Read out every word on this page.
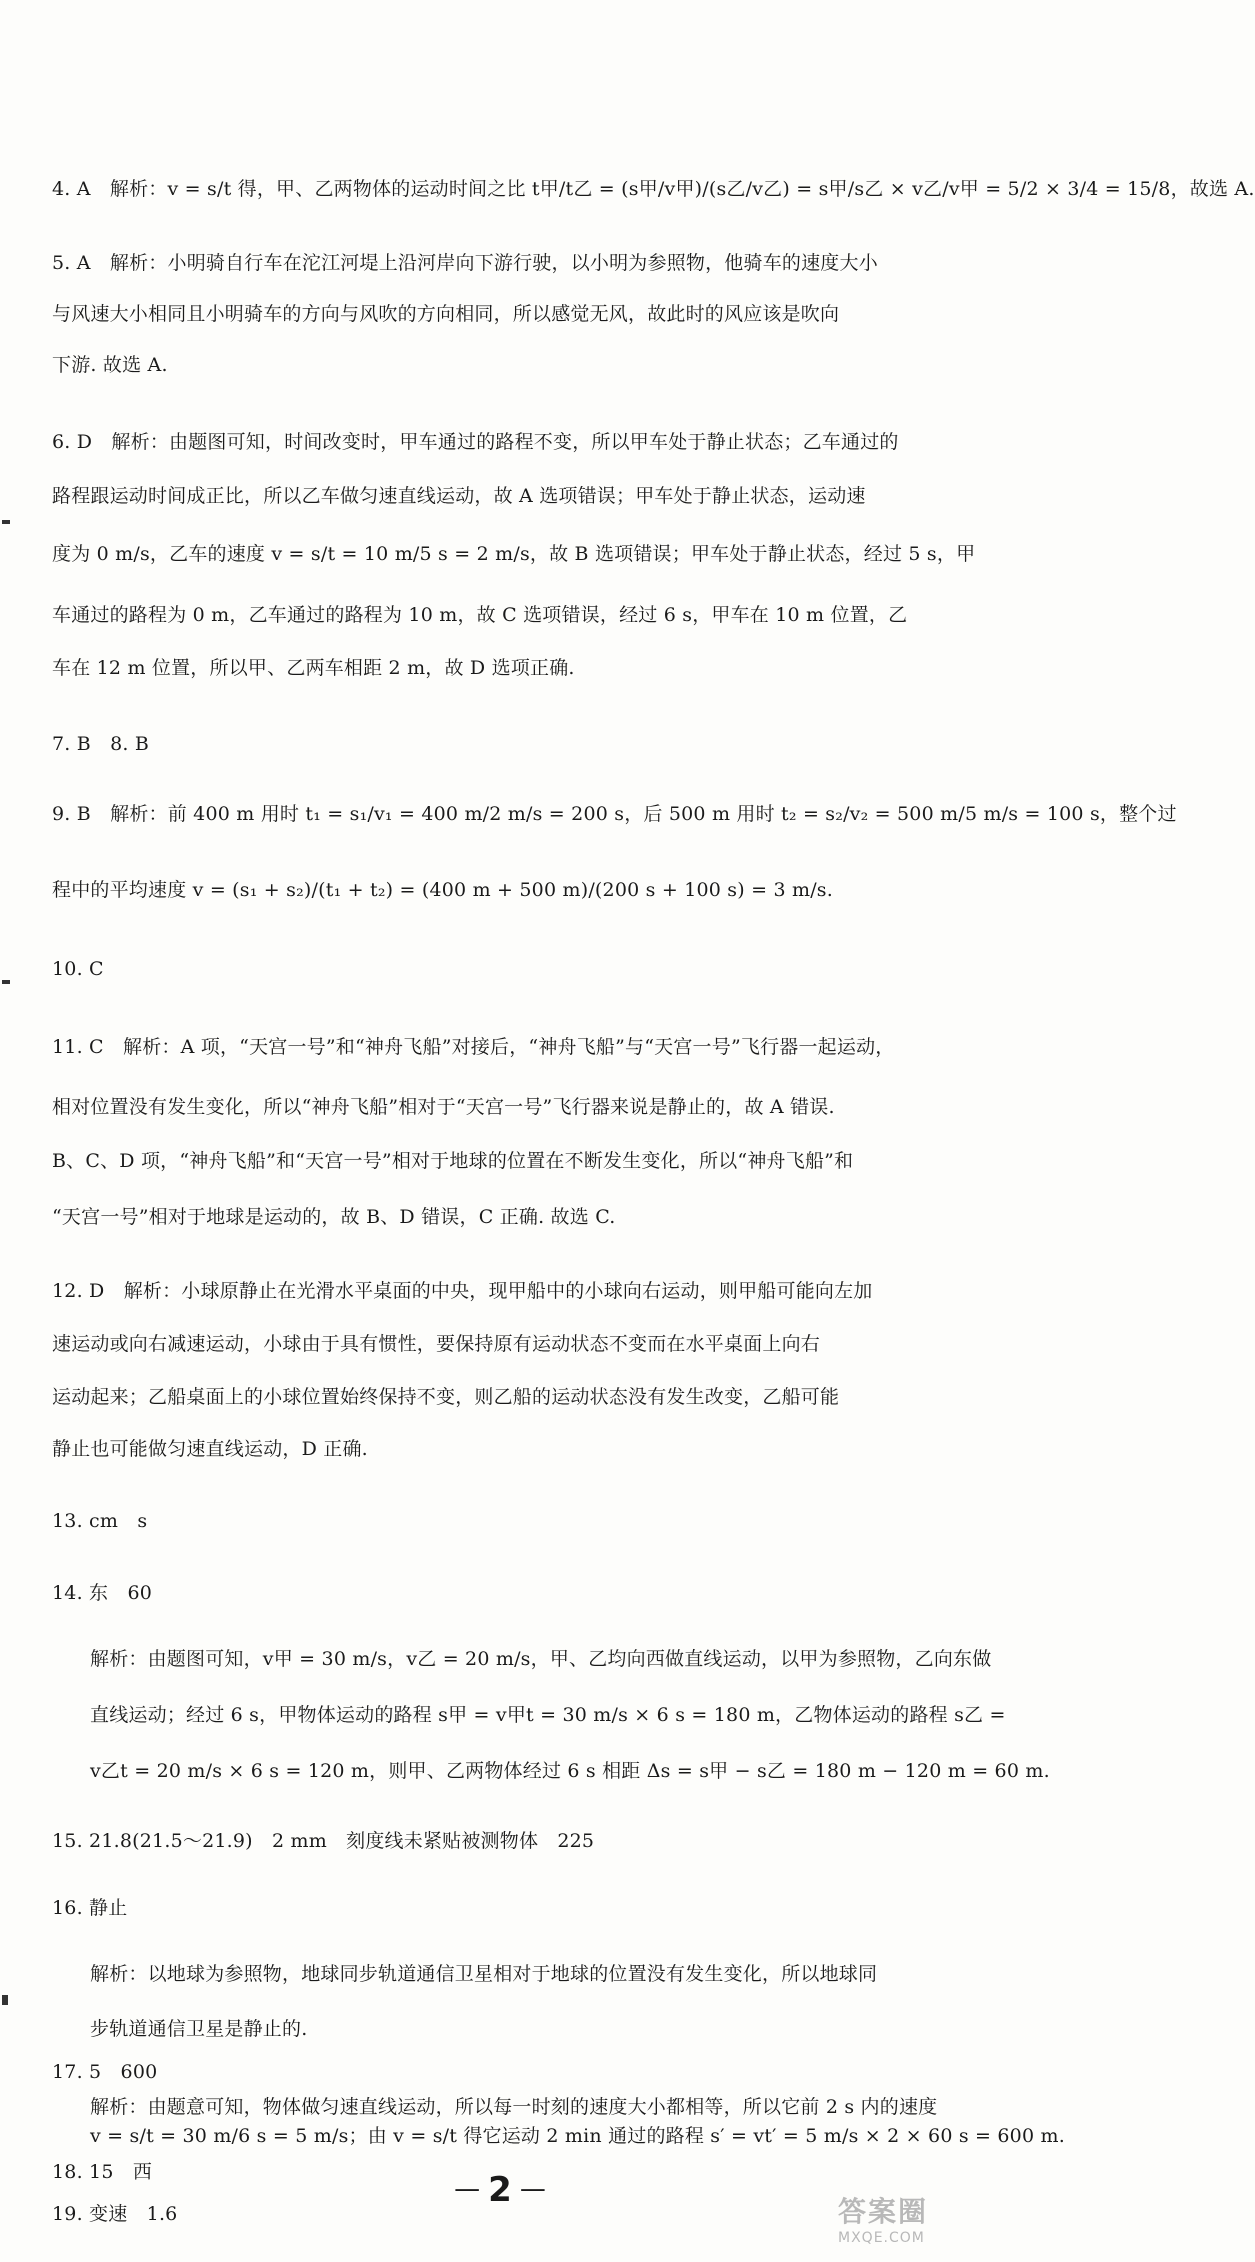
4. A　解析：v = s/t 得，甲、乙两物体的运动时间之比 t甲/t乙 = (s甲/v甲)/(s乙/v乙) = s甲/s乙 × v乙/v甲 = 5/2 × 3/4 = 15/8，故选 A.
5. A　解析：小明骑自行车在沱江河堤上沿河岸向下游行驶，以小明为参照物，他骑车的速度大小
与风速大小相同且小明骑车的方向与风吹的方向相同，所以感觉无风，故此时的风应该是吹向
下游. 故选 A.
6. D　解析：由题图可知，时间改变时，甲车通过的路程不变，所以甲车处于静止状态；乙车通过的
路程跟运动时间成正比，所以乙车做匀速直线运动，故 A 选项错误；甲车处于静止状态，运动速
度为 0 m/s，乙车的速度 v = s/t = 10 m/5 s = 2 m/s，故 B 选项错误；甲车处于静止状态，经过 5 s，甲
车通过的路程为 0 m，乙车通过的路程为 10 m，故 C 选项错误，经过 6 s，甲车在 10 m 位置，乙
车在 12 m 位置，所以甲、乙两车相距 2 m，故 D 选项正确.
7. B　8. B
9. B　解析：前 400 m 用时 t₁ = s₁/v₁ = 400 m/2 m/s = 200 s，后 500 m 用时 t₂ = s₂/v₂ = 500 m/5 m/s = 100 s，整个过
程中的平均速度 v = (s₁ + s₂)/(t₁ + t₂) = (400 m + 500 m)/(200 s + 100 s) = 3 m/s.
10. C
11. C　解析：A 项，“天宫一号”和“神舟飞船”对接后，“神舟飞船”与“天宫一号”飞行器一起运动，
相对位置没有发生变化，所以“神舟飞船”相对于“天宫一号”飞行器来说是静止的，故 A 错误.
B、C、D 项，“神舟飞船”和“天宫一号”相对于地球的位置在不断发生变化，所以“神舟飞船”和
“天宫一号”相对于地球是运动的，故 B、D 错误，C 正确. 故选 C.
12. D　解析：小球原静止在光滑水平桌面的中央，现甲船中的小球向右运动，则甲船可能向左加
速运动或向右减速运动，小球由于具有惯性，要保持原有运动状态不变而在水平桌面上向右
运动起来；乙船桌面上的小球位置始终保持不变，则乙船的运动状态没有发生改变，乙船可能
静止也可能做匀速直线运动，D 正确.
13. cm　s
14. 东　60
解析：由题图可知，v甲 = 30 m/s，v乙 = 20 m/s，甲、乙均向西做直线运动，以甲为参照物，乙向东做
直线运动；经过 6 s，甲物体运动的路程 s甲 = v甲t = 30 m/s × 6 s = 180 m，乙物体运动的路程 s乙 =
v乙t = 20 m/s × 6 s = 120 m，则甲、乙两物体经过 6 s 相距 Δs = s甲 − s乙 = 180 m − 120 m = 60 m.
15. 21.8(21.5～21.9)　2 mm　刻度线未紧贴被测物体　225
16. 静止
解析：以地球为参照物，地球同步轨道通信卫星相对于地球的位置没有发生变化，所以地球同
步轨道通信卫星是静止的.
17. 5　600
解析：由题意可知，物体做匀速直线运动，所以每一时刻的速度大小都相等，所以它前 2 s 内的速度
v = s/t = 30 m/6 s = 5 m/s；由 v = s/t 得它运动 2 min 通过的路程 s′ = vt′ = 5 m/s × 2 × 60 s = 600 m.
18. 15　西
19. 变速　1.6
— 2 —
答案圈
MXQE.COM
